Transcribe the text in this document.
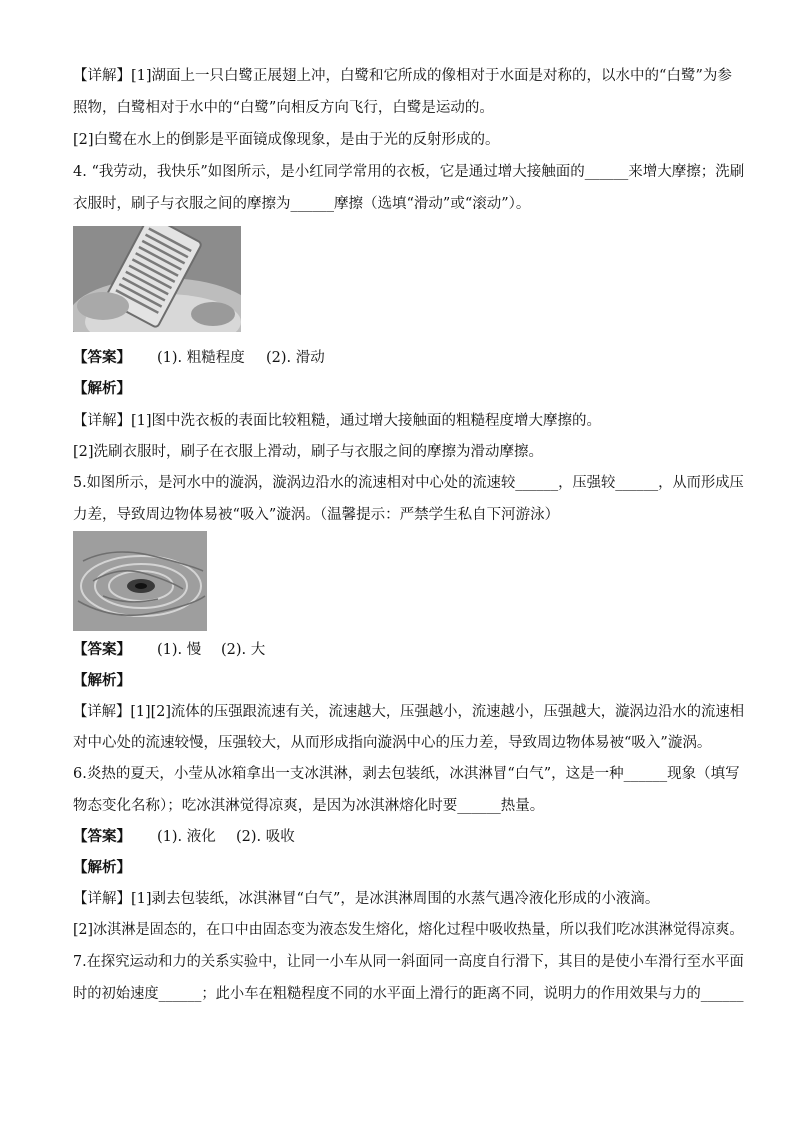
【详解】[1]湖面上一只白鹭正展翅上冲，白鹭和它所成的像相对于水面是对称的，以水中的“白鹭”为参
照物，白鹭相对于水中的“白鹭”向相反方向飞行，白鹭是运动的。
[2]白鹭在水上的倒影是平面镜成像现象，是由于光的反射形成的。
4. “我劳动，我快乐”如图所示，是小红同学常用的衣板，它是通过增大接触面的______来增大摩擦；洗刷
衣服时，刷子与衣服之间的摩擦为______摩擦（选填“滑动”或“滚动”）。
【答案】 (1). 粗糙程度 (2). 滑动
【解析】
【详解】[1]图中洗衣板的表面比较粗糙，通过增大接触面的粗糙程度增大摩擦的。
[2]洗刷衣服时，刷子在衣服上滑动，刷子与衣服之间的摩擦为滑动摩擦。
5.如图所示，是河水中的漩涡，漩涡边沿水的流速相对中心处的流速较______，压强较______，从而形成压
力差，导致周边物体易被“吸入”漩涡。（温馨提示：严禁学生私自下河游泳）
【答案】 (1). 慢 (2). 大
【解析】
【详解】[1][2]流体的压强跟流速有关，流速越大，压强越小，流速越小，压强越大，漩涡边沿水的流速相
对中心处的流速较慢，压强较大，从而形成指向漩涡中心的压力差，导致周边物体易被“吸入”漩涡。
6.炎热的夏天，小莹从冰箱拿出一支冰淇淋，剥去包装纸，冰淇淋冒“白气”，这是一种______现象（填写
物态变化名称）；吃冰淇淋觉得凉爽，是因为冰淇淋熔化时要______热量。
【答案】 (1). 液化 (2). 吸收
【解析】
【详解】[1]剥去包装纸，冰淇淋冒“白气”，是冰淇淋周围的水蒸气遇冷液化形成的小液滴。
[2]冰淇淋是固态的，在口中由固态变为液态发生熔化，熔化过程中吸收热量，所以我们吃冰淇淋觉得凉爽。
7.在探究运动和力的关系实验中，让同一小车从同一斜面同一高度自行滑下，其目的是使小车滑行至水平面
时的初始速度______；此小车在粗糙程度不同的水平面上滑行的距离不同，说明力的作用效果与力的______
